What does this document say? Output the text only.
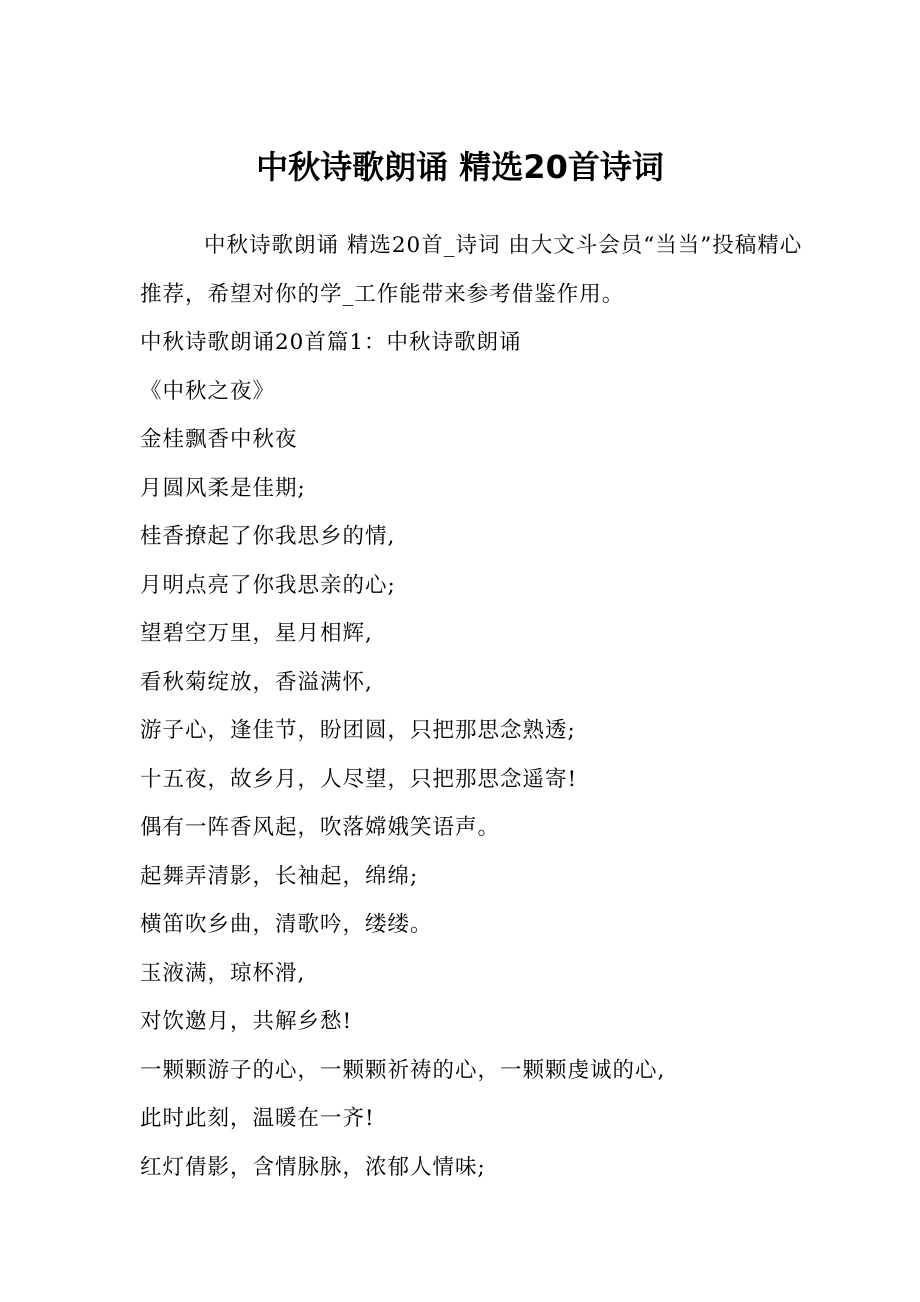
中秋诗歌朗诵 精选20首诗词

中秋诗歌朗诵 精选20首_诗词 由大文斗会员“当当”投稿精心推荐，希望对你的学_工作能带来参考借鉴作用。

中秋诗歌朗诵20首篇1：中秋诗歌朗诵

《中秋之夜》

金桂飘香中秋夜

月圆风柔是佳期;

桂香撩起了你我思乡的情,

月明点亮了你我思亲的心;

望碧空万里，星月相辉,

看秋菊绽放，香溢满怀,

游子心，逢佳节，盼团圆，只把那思念熟透;

十五夜，故乡月，人尽望，只把那思念遥寄!

偶有一阵香风起，吹落嫦娥笑语声。

起舞弄清影，长袖起，绵绵;

横笛吹乡曲，清歌吟，缕缕。

玉液满，琼杯滑,

对饮邀月，共解乡愁!

一颗颗游子的心，一颗颗祈祷的心，一颗颗虔诚的心,

此时此刻，温暖在一齐!

红灯倩影，含情脉脉，浓郁人情味;
